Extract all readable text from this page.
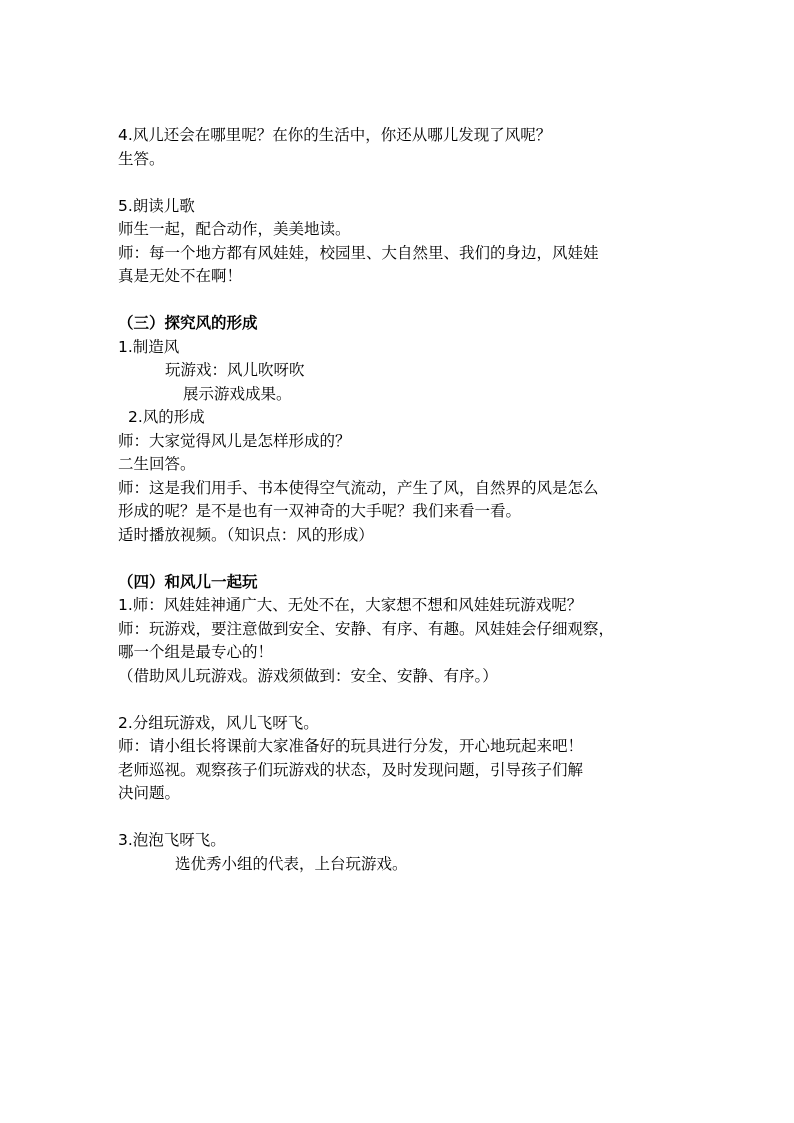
4.风儿还会在哪里呢？在你的生活中，你还从哪儿发现了风呢？
生答。
5.朗读儿歌
师生一起，配合动作，美美地读。
师：每一个地方都有风娃娃，校园里、大自然里、我们的身边，风娃娃
真是无处不在啊！
（三）探究风的形成
1.制造风
玩游戏：风儿吹呀吹
展示游戏成果。
2.风的形成
师：大家觉得风儿是怎样形成的？
二生回答。
师：这是我们用手、书本使得空气流动，产生了风，自然界的风是怎么
形成的呢？是不是也有一双神奇的大手呢？我们来看一看。
适时播放视频。（知识点：风的形成）
（四）和风儿一起玩
1.师：风娃娃神通广大、无处不在，大家想不想和风娃娃玩游戏呢？
师：玩游戏，要注意做到安全、安静、有序、有趣。风娃娃会仔细观察，
哪一个组是最专心的！
（借助风儿玩游戏。游戏须做到：安全、安静、有序。）
2.分组玩游戏，风儿飞呀飞。
师：请小组长将课前大家准备好的玩具进行分发，开心地玩起来吧！
老师巡视。观察孩子们玩游戏的状态，及时发现问题，引导孩子们解
决问题。
3.泡泡飞呀飞。
选优秀小组的代表，上台玩游戏。
